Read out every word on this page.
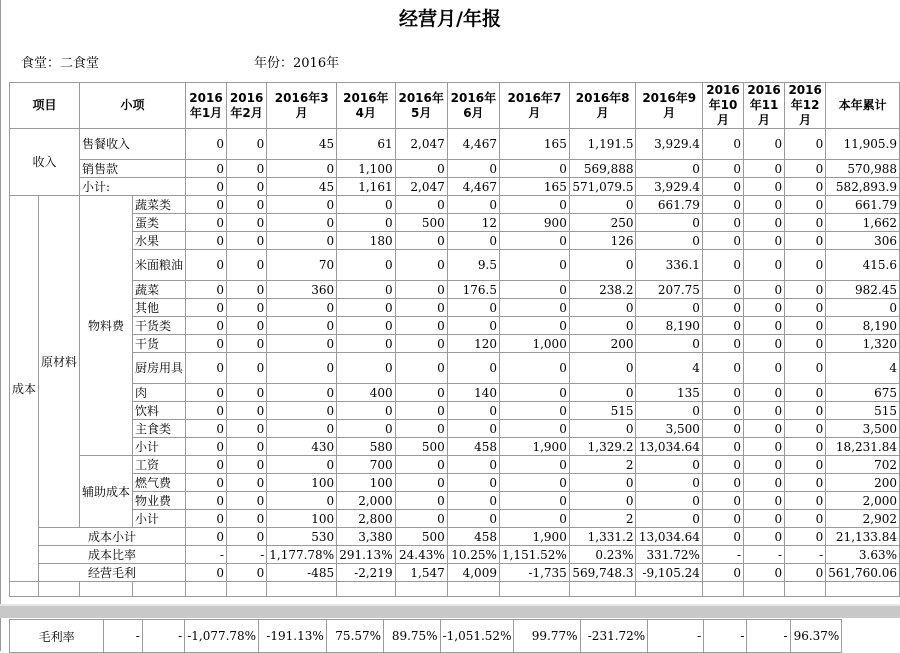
经营月/年报
食堂：二食堂	年份：2016年
项目		小项		2016年1月	2016年2月	2016年3月	2016年4月	2016年5月	2016年6月	2016年7月	2016年8月	2016年9月	2016年10月	2016年11月	2016年12月	本年累计
收入		售餐收入		0	0	45	61	2,047	4,467	165	1,191.5	3,929.4	0	0	0	11,905.9
		销售款		0	0	0	1,100	0	0	0	569,888	0	0	0	0	570,988
		小计:		0	0	45	1,161	2,047	4,467	165	571,079.5	3,929.4	0	0	0	582,893.9
成本	原材料	物料费	蔬菜类	0	0	0	0	0	0	0	0	661.79	0	0	0	661.79
			蛋类	0	0	0	0	500	12	900	250	0	0	0	0	1,662
			水果	0	0	0	180	0	0	0	126	0	0	0	0	306
			米面粮油	0	0	70	0	0	9.5	0	0	336.1	0	0	0	415.6
			蔬菜	0	0	360	0	0	176.5	0	238.2	207.75	0	0	0	982.45
			其他	0	0	0	0	0	0	0	0	0	0	0	0	0
			干货类	0	0	0	0	0	0	0	0	8,190	0	0	0	8,190
			干货	0	0	0	0	0	120	1,000	200	0	0	0	0	1,320
			厨房用具	0	0	0	0	0	0	0	0	4	0	0	0	4
			肉	0	0	0	400	0	140	0	0	135	0	0	0	675
			饮料	0	0	0	0	0	0	0	515	0	0	0	0	515
			主食类	0	0	0	0	0	0	0	0	3,500	0	0	0	3,500
			小计	0	0	430	580	500	458	1,900	1,329.2	13,034.64	0	0	0	18,231.84
		辅助成本	工资	0	0	0	700	0	0	0	2	0	0	0	0	702
			燃气费	0	0	100	100	0	0	0	0	0	0	0	0	200
			物业费	0	0	0	2,000	0	0	0	0	0	0	0	0	2,000
			小计	0	0	100	2,800	0	0	0	2	0	0	0	0	2,902
	成本小计			0	0	530	3,380	500	458	1,900	1,331.2	13,034.64	0	0	0	21,133.84
	成本比率			-	-	1,177.78%	291.13%	24.43%	10.25%	1,151.52%	0.23%	331.72%	-	-	-	3.63%
	经营毛利			0	0	-485	-2,219	1,547	4,009	-1,735	569,748.3	-9,105.24	0	0	0	561,760.06

毛利率	-	-	-1,077.78%	-191.13%	75.57%	89.75%	-1,051.52%	99.77%	-231.72%	-	-	-	96.37%
